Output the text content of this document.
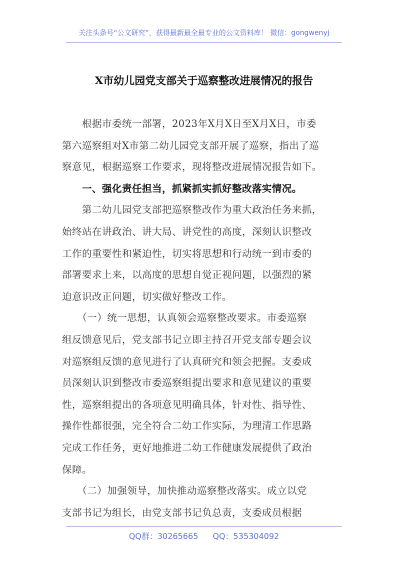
关注头条号“公文研究”，获得最新最全最专业的公文资料库！ 微信：gongwenyj
X市幼儿园党支部关于巡察整改进展情况的报告

　　根据市委统一部署，2023年X月X日至X月X日，市委
第六巡察组对X市第二幼儿园党支部开展了巡察，指出了巡
察意见，根据巡察工作要求，现将整改进展情况报告如下。

　　一、强化责任担当，抓紧抓实抓好整改落实情况。

　　第二幼儿园党支部把巡察整改作为重大政治任务来抓，
始终站在讲政治、讲大局、讲党性的高度，深刻认识整改
工作的重要性和紧迫性，切实将思想和行动统一到市委的
部署要求上来，以高度的思想自觉正视问题，以强烈的紧
迫意识改正问题，切实做好整改工作。

　　（一）统一思想，认真领会巡察整改要求。市委巡察
组反馈意见后，党支部书记立即主持召开党支部专题会议
对巡察组反馈的意见进行了认真研究和领会把握。支委成
员深刻认识到整改市委巡察组提出要求和意见建议的重要
性，巡察组提出的各项意见明确具体，针对性、指导性、
操作性都很强，完全符合二幼工作实际，为理清工作思路
完成工作任务，更好地推进二幼工作健康发展提供了政治
保障。

　　（二）加强领导，加快推动巡察整改落实。成立以党
支部书记为组长，由党支部书记负总责，支委成员根据

QQ群：30265665 QQ：535304092
